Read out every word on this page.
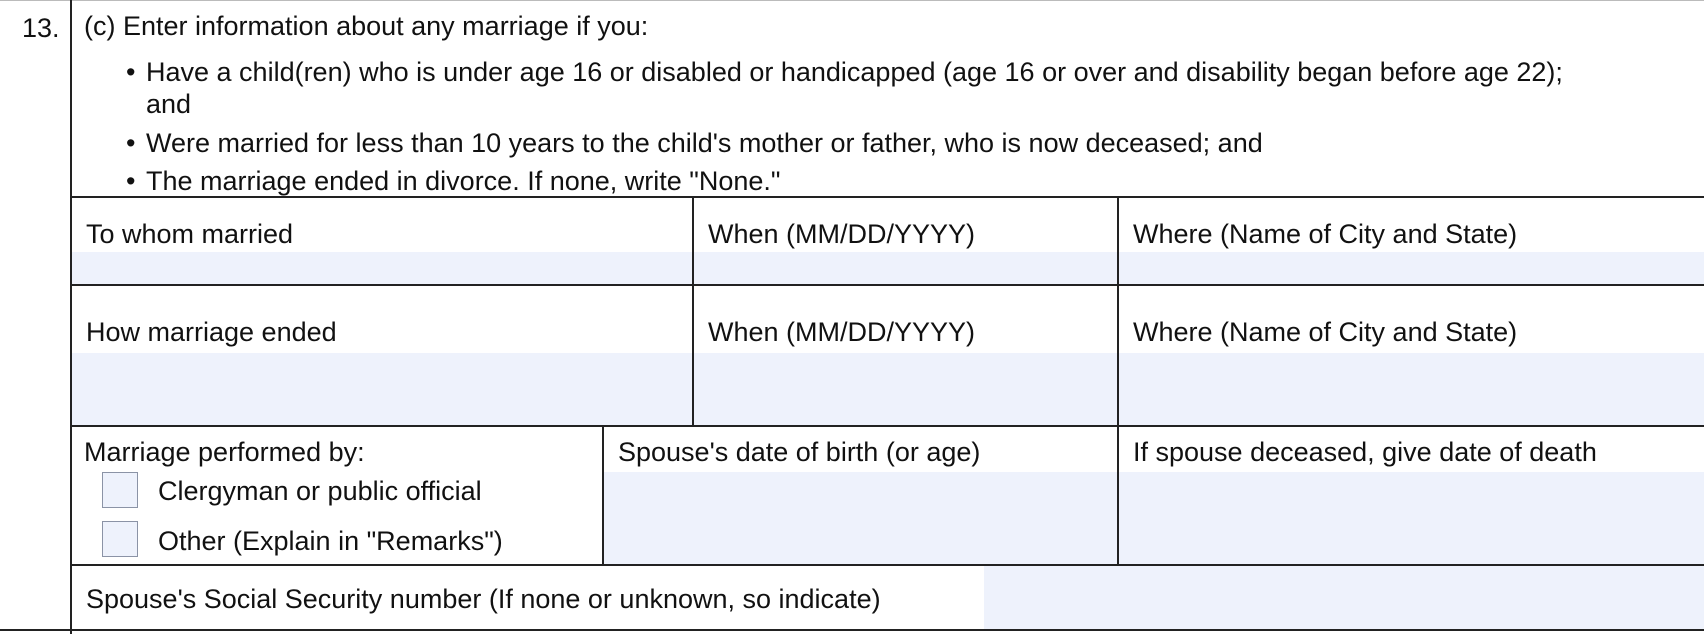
13. (c) Enter information about any marriage if you:
• Have a child(ren) who is under age 16 or disabled or handicapped (age 16 or over and disability began before age 22); and
• Were married for less than 10 years to the child's mother or father, who is now deceased; and
• The marriage ended in divorce. If none, write "None."
To whom married	When (MM/DD/YYYY)	Where (Name of City and State)
How marriage ended	When (MM/DD/YYYY)	Where (Name of City and State)
Marriage performed by:
Clergyman or public official
Other (Explain in "Remarks")
Spouse's date of birth (or age)	If spouse deceased, give date of death
Spouse's Social Security number (If none or unknown, so indicate)
